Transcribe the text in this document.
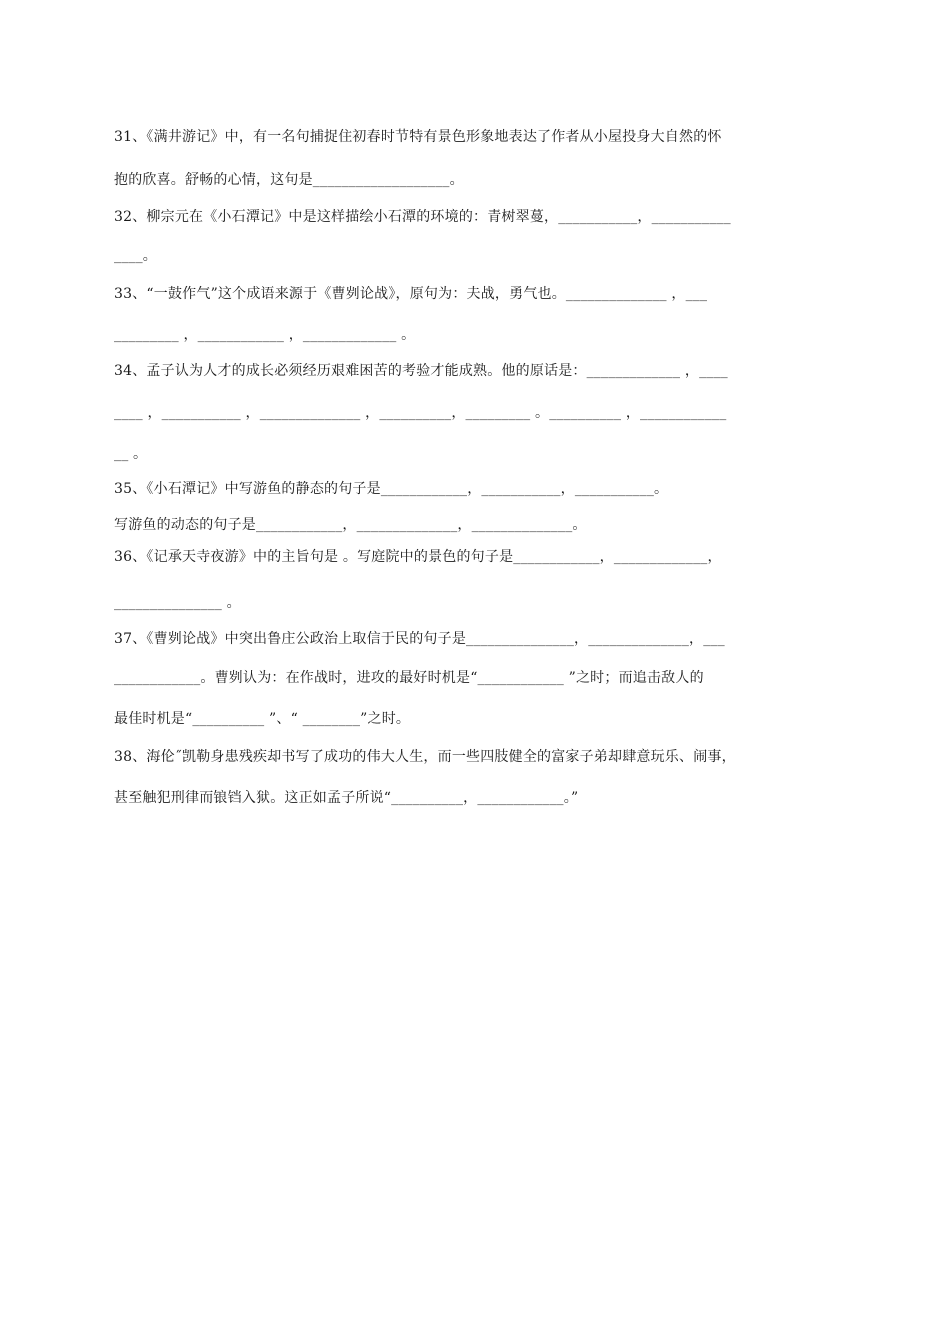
31、《满井游记》中，有一名句捕捉住初春时节特有景色形象地表达了作者从小屋投身大自然的怀
抱的欣喜。舒畅的心情，这句是___________________。
32、柳宗元在《小石潭记》中是这样描绘小石潭的环境的：青树翠蔓，___________，___________
____。
33、“一鼓作气”这个成语来源于《曹刿论战》，原句为：夫战，勇气也。______________ ，___
_________ ，____________ ，_____________ 。
34、孟子认为人才的成长必须经历艰难困苦的考验才能成熟。他的原话是：_____________ ，____
____ ，___________ ，______________ ，__________，_________ 。__________ ，____________
__ 。
35、《小石潭记》中写游鱼的静态的句子是____________，___________，___________。
写游鱼的动态的句子是____________，______________，______________。
36、《记承天寺夜游》中的主旨句是 。写庭院中的景色的句子是____________，_____________，
_______________ 。
37、《曹刿论战》中突出鲁庄公政治上取信于民的句子是_______________，______________，___
____________。曹刿认为：在作战时，进攻的最好时机是“____________ ”之时；而追击敌人的
最佳时机是“__________ ”、“ ________”之时。
38、海伦˝凯勒身患残疾却书写了成功的伟大人生，而一些四肢健全的富家子弟却肆意玩乐、闹事，
甚至触犯刑律而锒铛入狱。这正如孟子所说“__________，____________。”
